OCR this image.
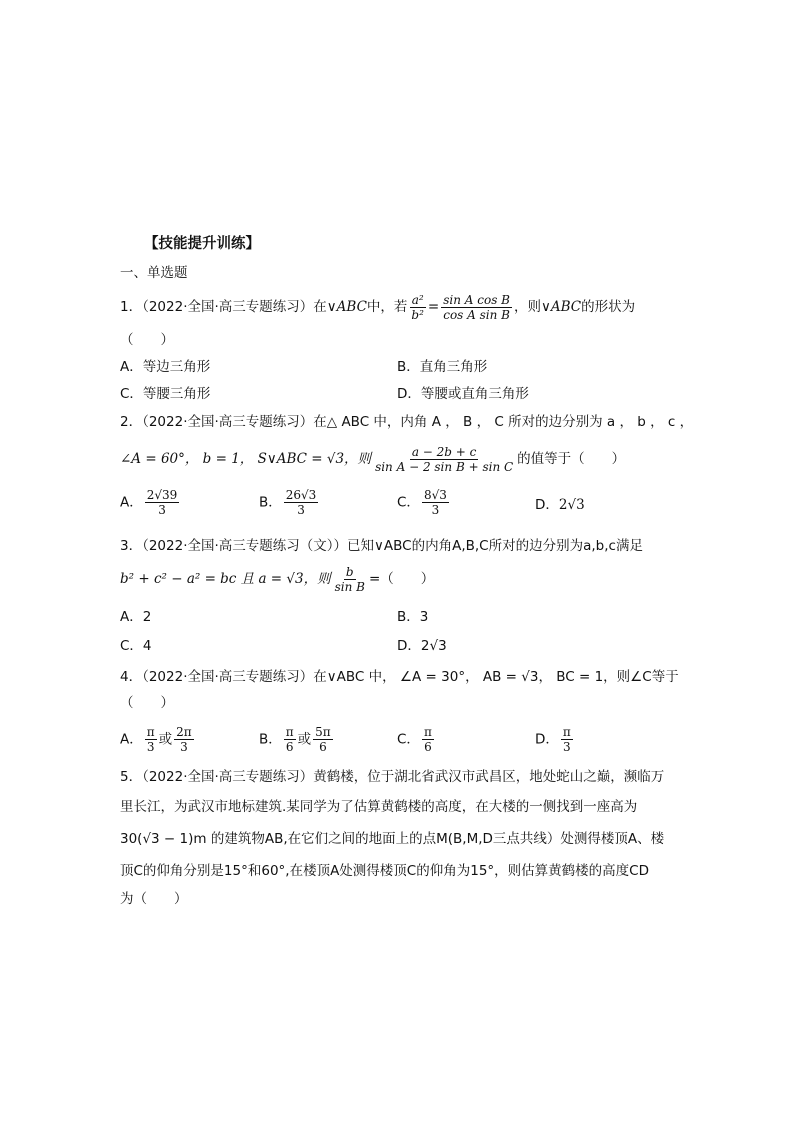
【技能提升训练】
一、单选题
1．（2022·全国·高三专题练习）在∨ABC中，若 $\frac{\text{a²}}{\text{b²}} = \frac{\text{sin A cos B}}{\text{cos A sin B}}$ ，则∨ABC的形状为
（　　）
A．等边三角形	B．直角三角形
C．等腰三角形	D．等腰或直角三角形
2．（2022·全国·高三专题练习）在△ ABC 中，内角 A ， B ， C 所对的边分别为 a ， b ， c ，
∠A = 60°， b = 1， S∨ABC = √3，则 $\frac{a - 2b + c}{\text{sin A − 2 sin B + sin C}}$ 的值等于（　　）
A． $\frac{2√39}{3}$	B． $\frac{26√3}{3}$	C． $\frac{8√3}{3}$	D．2√3
3．（2022·全国·高三专题练习（文））已知∨ABC的内角A,B,C所对的边分别为a,b,c满足
b² + c² − a² = bc 且 a = √3，则 $\frac{b}{\text{sin B}}$ =（　　）
A．2	B．3
C．4	D．2√3
4．（2022·全国·高三专题练习）在∨ABC 中， ∠A = 30°， AB = √3， BC = 1，则∠C等于
（　　）
A． $\frac{\pi}{3}$ 或 $\frac{2\pi}{3}$	B． $\frac{\pi}{6}$ 或 $\frac{5\pi}{6}$	C． $\frac{\pi}{6}$	D． $\frac{\pi}{3}$
5．（2022·全国·高三专题练习）黄鹤楼，位于湖北省武汉市武昌区，地处蛇山之巅，濒临万
里长江，为武汉市地标建筑.某同学为了估算黄鹤楼的高度，在大楼的一侧找到一座高为
30(√3 − 1)m 的建筑物AB,在它们之间的地面上的点M(B,M,D三点共线）处测得楼顶A、楼
顶C的仰角分别是15°和60°,在楼顶A处测得楼顶C的仰角为15°，则估算黄鹤楼的高度CD
为（　　）
